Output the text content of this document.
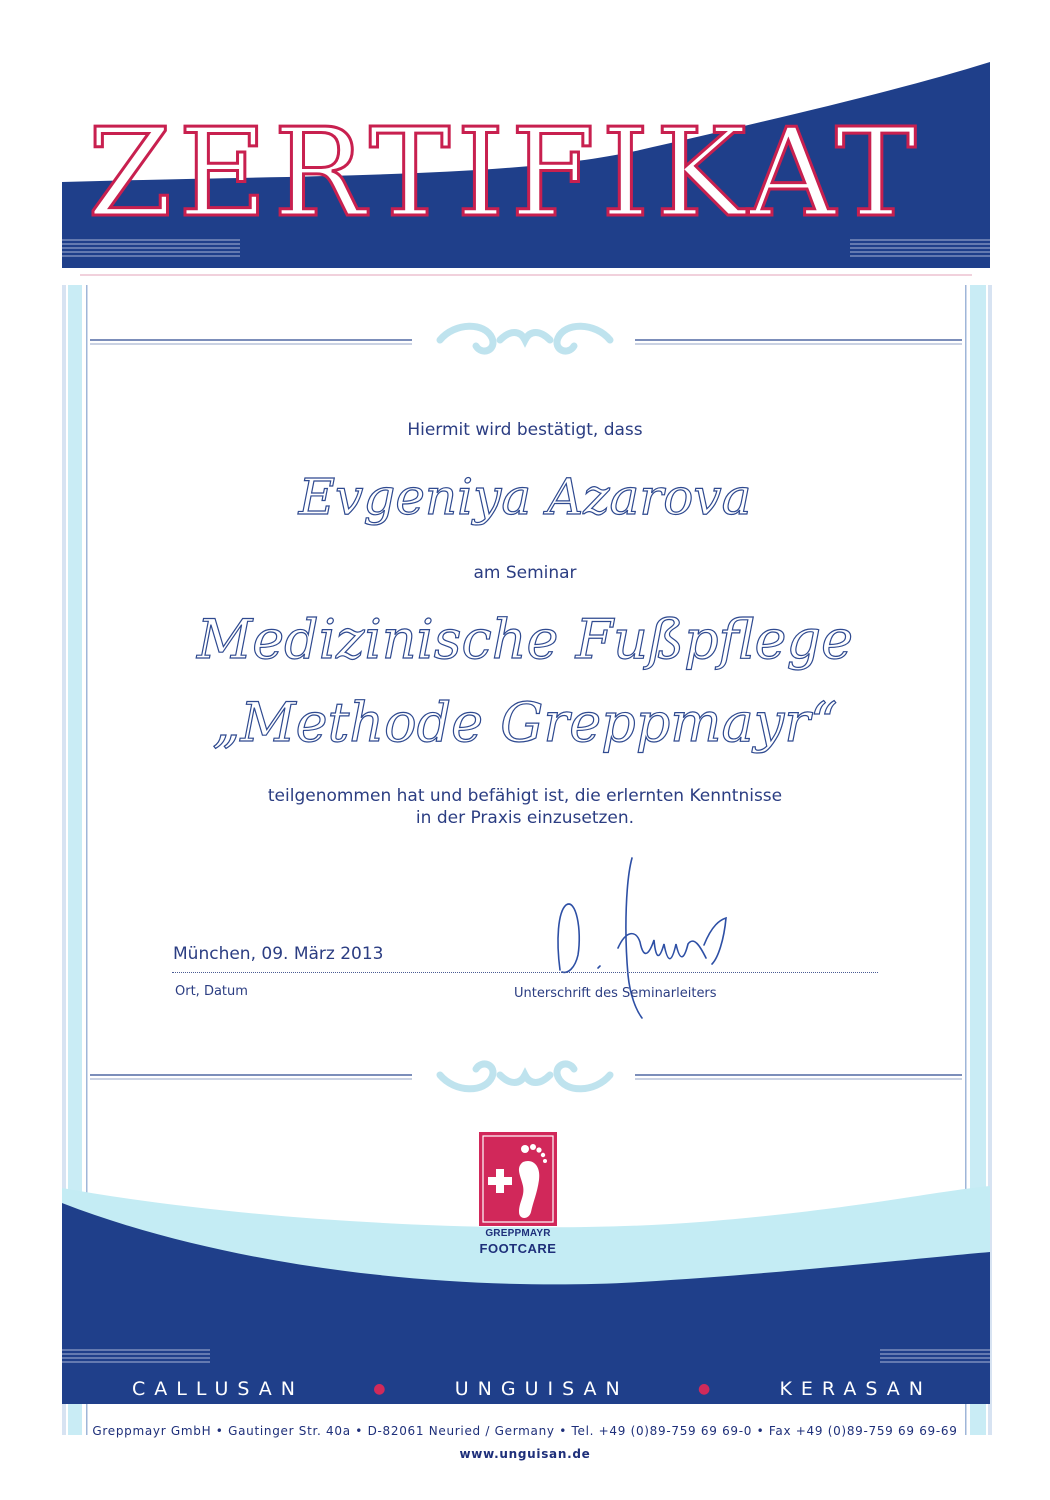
ZERTIFIKAT
Hiermit wird bestätigt, dass
Evgeniya Azarova
am Seminar
Medizinische Fußpflege
„Methode Greppmayr“
teilgenommen hat und befähigt ist, die erlernten Kenntnisse
in der Praxis einzusetzen.
München, 09. März 2013
Ort, Datum	Unterschrift des Seminarleiters
GREPPMAYR
FOOTCARE
CALLUSAN	●	UNGUISAN	●	KERASAN
Greppmayr GmbH • Gautinger Str. 40a • D-82061 Neuried / Germany • Tel. +49 (0)89-759 69 69-0 • Fax +49 (0)89-759 69 69-69
www.unguisan.de
